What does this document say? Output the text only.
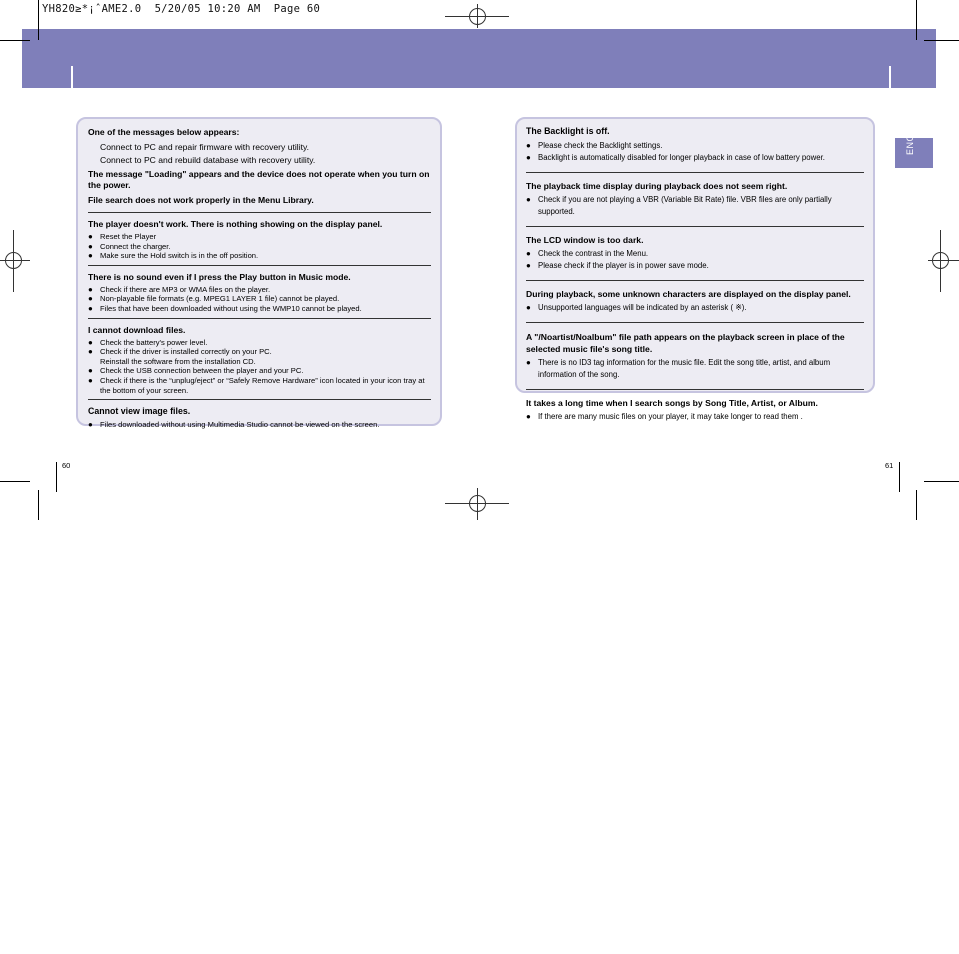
YH820≥*¡ˆAME2.0  5/20/05 10:20 AM  Page 60
ENG
One of the messages below appears:
Connect to PC and repair firmware with recovery utility.
Connect to PC and rebuild database with recovery utility.
The message "Loading" appears and the device does not operate when you turn on the power.
File search does not work properly in the Menu Library.
The player doesn't work. There is nothing showing on the display panel.
● Reset the Player
● Connect the charger.
● Make sure the Hold switch is in the off position.
There is no sound even if I press the Play button in Music mode.
● Check if there are MP3 or WMA files on the player.
● Non-playable file formats (e.g. MPEG1 LAYER 1 file) cannot be played.
● Files that have been downloaded without using the WMP10 cannot be played.
I cannot download files.
● Check the battery's power level.
● Check if the driver is installed correctly on your PC.
Reinstall the software from the installation CD.
● Check the USB connection between the player and your PC.
● Check if there is the “unplug/eject” or “Safely Remove Hardware” icon located in your icon tray at the bottom of your screen.
Cannot view image files.
● Files downloaded without using Multimedia Studio cannot be viewed on the screen.
The Backlight is off.
● Please check the Backlight settings.
● Backlight is automatically disabled for longer playback in case of low battery power.
The playback time display during playback does not seem right.
● Check if you are not playing a VBR (Variable Bit Rate) file. VBR files are only partially supported.
The LCD window is too dark.
● Check the contrast in the Menu.
● Please check if the player is in power save mode.
During playback, some unknown characters are displayed on the display panel.
● Unsupported languages will be indicated by an asterisk ( ※).
A "/Noartist/Noalbum" file path appears on the playback screen in place of the selected music file's song title.
● There is no ID3 tag information for the music file. Edit the song title, artist, and album information of the song.
It takes a long time when I search songs by Song Title, Artist, or Album.
● If there are many music files on your player, it may take longer to read them .
60	61
